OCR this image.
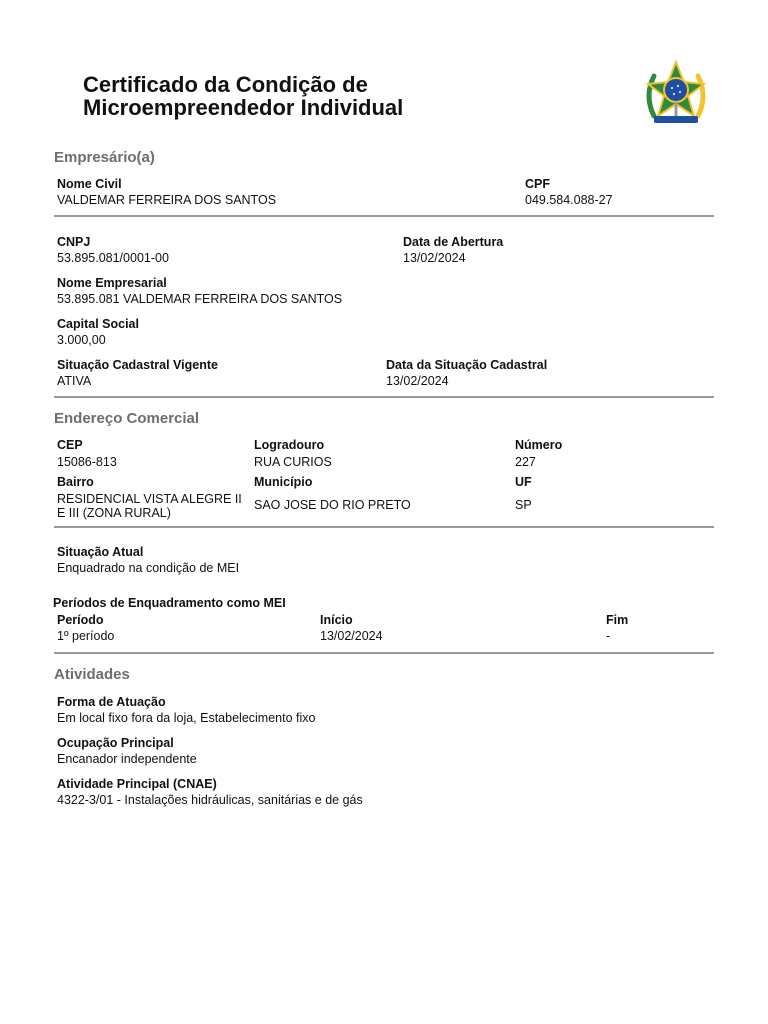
Certificado da Condição de
Microempreendedor Individual
Empresário(a)
Nome Civil
VALDEMAR FERREIRA DOS SANTOS
CPF
049.584.088-27
CNPJ
53.895.081/0001-00
Data de Abertura
13/02/2024
Nome Empresarial
53.895.081 VALDEMAR FERREIRA DOS SANTOS
Capital Social
3.000,00
Situação Cadastral Vigente
ATIVA
Data da Situação Cadastral
13/02/2024
Endereço Comercial
CEP
15086-813
Logradouro
RUA CURIOS
Número
227
Bairro
RESIDENCIAL VISTA ALEGRE II
E III (ZONA RURAL)
Município
SAO JOSE DO RIO PRETO
UF
SP
Situação Atual
Enquadrado na condição de MEI
Períodos de Enquadramento como MEI
Período	Início	Fim
1º período	13/02/2024	-
Atividades
Forma de Atuação
Em local fixo fora da loja, Estabelecimento fixo
Ocupação Principal
Encanador independente
Atividade Principal (CNAE)
4322-3/01 - Instalações hidráulicas, sanitárias e de gás
